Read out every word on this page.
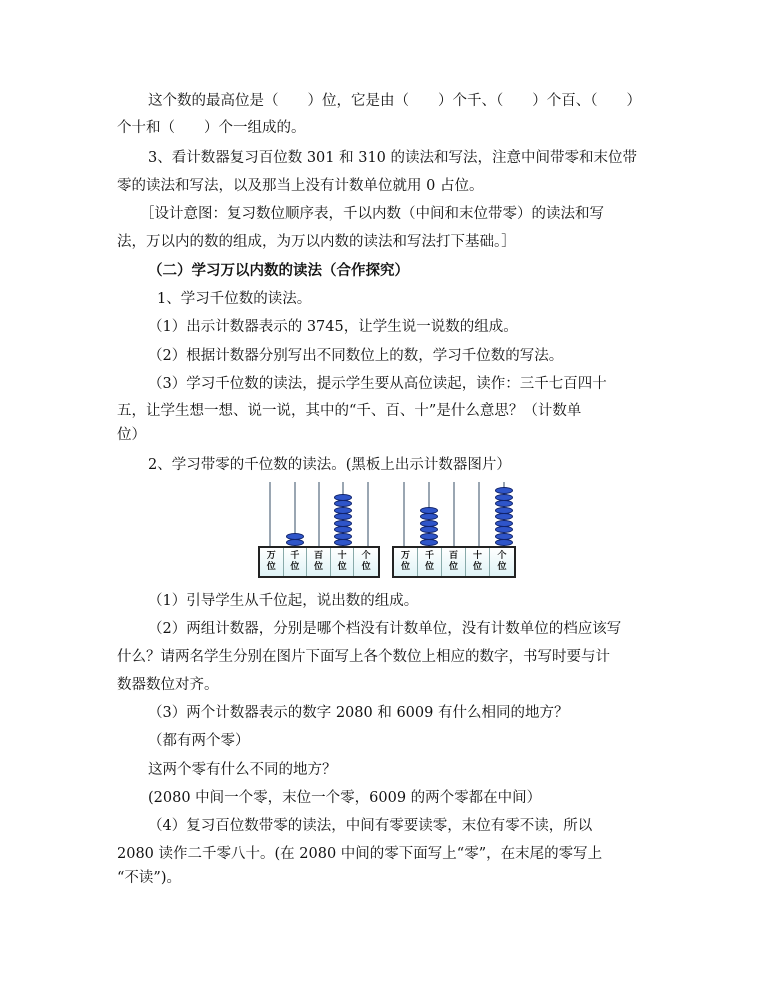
这个数的最高位是（　　）位，它是由（　　）个千、（　　）个百、（　　）
个十和（　　）个一组成的。
3、看计数器复习百位数 301 和 310 的读法和写法，注意中间带零和末位带
零的读法和写法，以及那当上没有计数单位就用 0 占位。
［设计意图：复习数位顺序表，千以内数（中间和末位带零）的读法和写
法，万以内的数的组成，为万以内数的读法和写法打下基础。］
（二）学习万以内数的读法（合作探究）
1、学习千位数的读法。
（1）出示计数器表示的 3745，让学生说一说数的组成。
（2）根据计数器分别写出不同数位上的数，学习千位数的写法。
（3）学习千位数的读法，提示学生要从高位读起，读作：三千七百四十
五，让学生想一想、说一说，其中的“千、百、十”是什么意思？（计数单
位）
2、学习带零的千位数的读法。(黑板上出示计数器图片）
万
位
千
位
百
位
十
位
个
位
万
位
千
位
百
位
十
位
个
位
（1）引导学生从千位起，说出数的组成。
（2）两组计数器，分别是哪个档没有计数单位，没有计数单位的档应该写
什么？请两名学生分别在图片下面写上各个数位上相应的数字，书写时要与计
数器数位对齐。
（3）两个计数器表示的数字 2080 和 6009 有什么相同的地方？
（都有两个零）
这两个零有什么不同的地方？
(2080 中间一个零，末位一个零，6009 的两个零都在中间）
（4）复习百位数带零的读法，中间有零要读零，末位有零不读，所以
2080 读作二千零八十。(在 2080 中间的零下面写上“零”，在末尾的零写上
“不读”)。
